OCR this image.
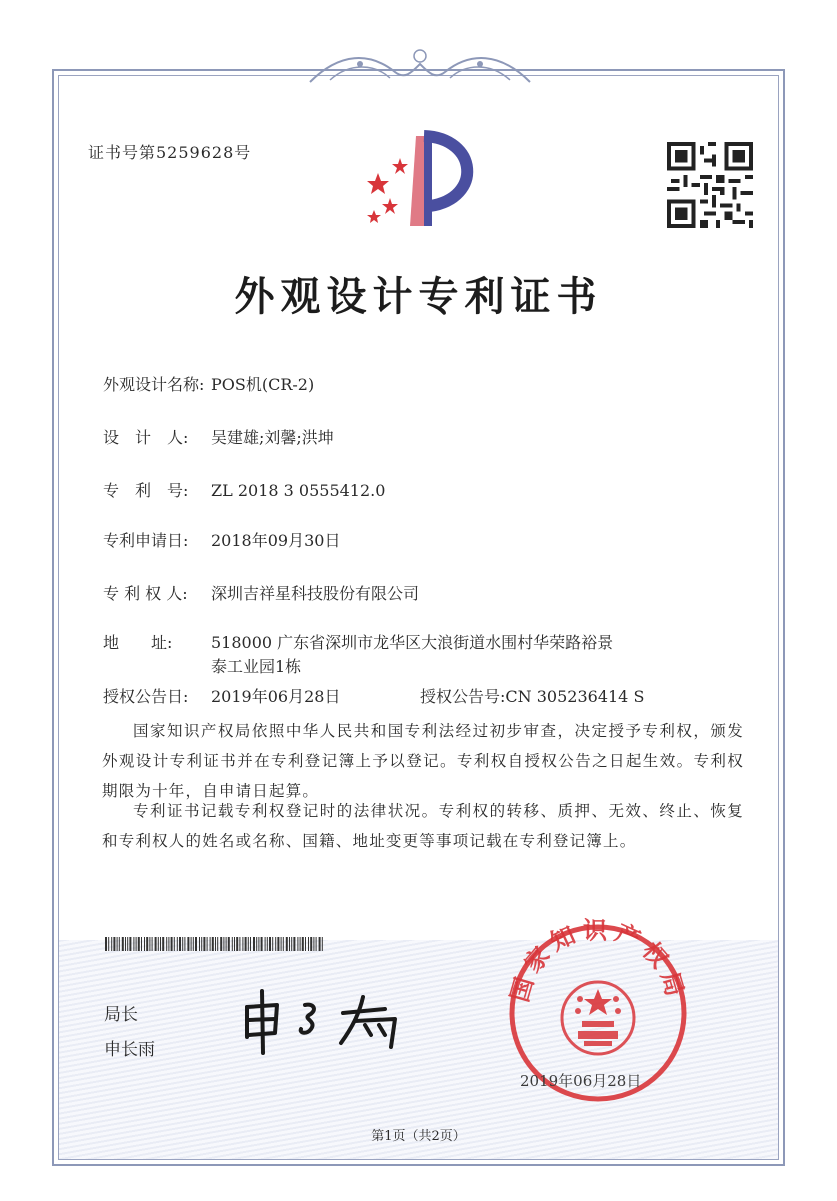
证书号第5259628号
外观设计专利证书
外观设计名称: POS机(CR-2)
设　计　人: 吴建雄;刘馨;洪坤
专　利　号: ZL 2018 3 0555412.0
专利申请日: 2018年09月30日
专 利 权 人: 深圳吉祥星科技股份有限公司
地　　址: 518000 广东省深圳市龙华区大浪街道水围村华荣路裕景
泰工业园1栋
授权公告日: 2019年06月28日	授权公告号:CN 305236414 S
国家知识产权局依照中华人民共和国专利法经过初步审查，决定授予专利权，颁发外观设计专利证书并在专利登记簿上予以登记。专利权自授权公告之日起生效。专利权期限为十年，自申请日起算。
专利证书记载专利权登记时的法律状况。专利权的转移、质押、无效、终止、恢复和专利权人的姓名或名称、国籍、地址变更等事项记载在专利登记簿上。
局长
申长雨
国家知识产权局
2019年06月28日
第1页（共2页）
